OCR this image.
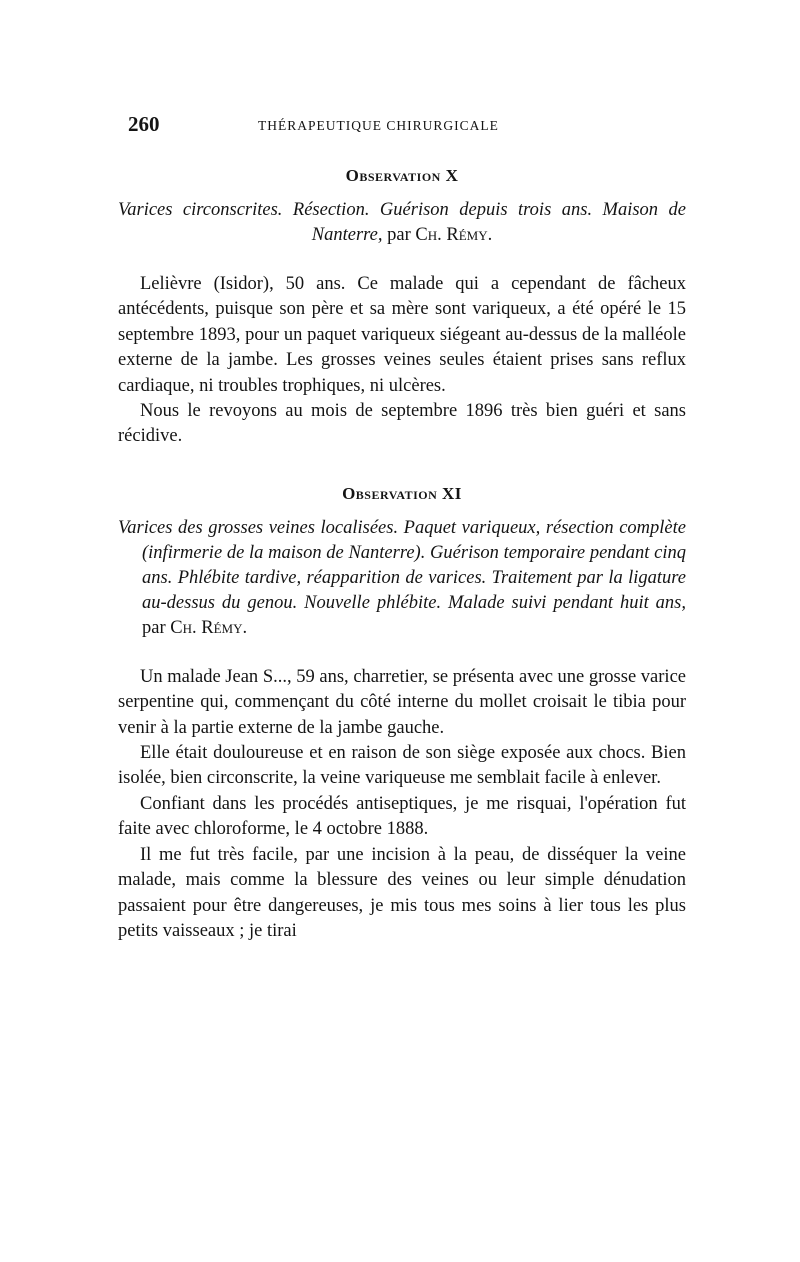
260	THÉRAPEUTIQUE CHIRURGICALE
Observation X

Varices circonscrites. Résection. Guérison depuis trois ans. Maison de Nanterre, par Ch. Rémy.

Lelièvre (Isidor), 50 ans. Ce malade qui a cependant de fâcheux antécédents, puisque son père et sa mère sont variqueux, a été opéré le 15 septembre 1893, pour un paquet variqueux siégeant au-dessus de la malléole externe de la jambe. Les grosses veines seules étaient prises sans reflux cardiaque, ni troubles trophiques, ni ulcères.

Nous le revoyons au mois de septembre 1896 très bien guéri et sans récidive.

Observation XI

Varices des grosses veines localisées. Paquet variqueux, résection complète (infirmerie de la maison de Nanterre). Guérison temporaire pendant cinq ans. Phlébite tardive, réapparition de varices. Traitement par la ligature au-dessus du genou. Nouvelle phlébite. Malade suivi pendant huit ans, par Ch. Rémy.

Un malade Jean S..., 59 ans, charretier, se présenta avec une grosse varice serpentine qui, commençant du côté interne du mollet croisait le tibia pour venir à la partie externe de la jambe gauche.

Elle était douloureuse et en raison de son siège exposée aux chocs. Bien isolée, bien circonscrite, la veine variqueuse me semblait facile à enlever.

Confiant dans les procédés antiseptiques, je me risquai, l'opération fut faite avec chloroforme, le 4 octobre 1888.

Il me fut très facile, par une incision à la peau, de disséquer la veine malade, mais comme la blessure des veines ou leur simple dénudation passaient pour être dangereuses, je mis tous mes soins à lier tous les plus petits vaisseaux ; je tirai
